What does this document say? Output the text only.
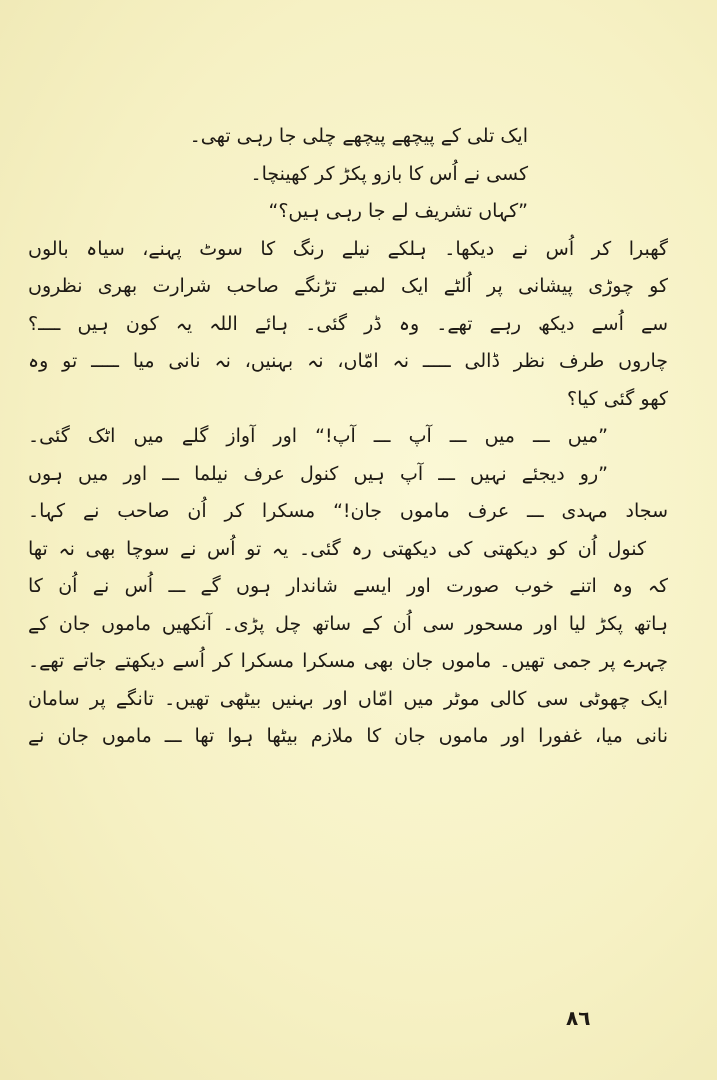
ایک تلی کے پیچھے پیچھے چلی جا رہی تھی۔
کسی نے اُس کا بازو پکڑ کر کھینچا۔
”کہاں تشریف لے جا رہی ہیں؟“
گھبرا کر اُس نے دیکھا۔ ہلکے نیلے رنگ کا سوٹ پہنے، سیاہ بالوں
کو چوڑی پیشانی پر اُلٹے ایک لمبے تڑنگے صاحب شرارت بھری نظروں
سے اُسے دیکھ رہے تھے۔ وہ ڈر گئی۔ ہائے اللہ یہ کون ہیں ــــ؟
چاروں طرف نظر ڈالی ـــــ نہ امّاں، نہ بہنیں، نہ نانی میا ـــــ تو وہ
کھو گئی کیا؟
”میں ـــ میں ـــ آپ ـــ آپ!“ اور آواز گلے میں اٹک گئی۔
”رو دیجئے نہیں ـــ آپ ہیں کنول عرف نیلما ـــ اور میں ہوں
سجاد مہدی ـــ عرف ماموں جان!“ مسکرا کر اُن صاحب نے کہا۔
کنول اُن کو دیکھتی کی دیکھتی رہ گئی۔ یہ تو اُس نے سوچا بھی نہ تھا
کہ وہ اتنے خوب صورت اور ایسے شاندار ہوں گے ـــ اُس نے اُن کا
ہاتھ پکڑ لیا اور مسحور سی اُن کے ساتھ چل پڑی۔ آنکھیں ماموں جان کے
چہرے پر جمی تھیں۔ ماموں جان بھی مسکرا مسکرا کر اُسے دیکھتے جاتے تھے۔
ایک چھوٹی سی کالی موٹر میں امّاں اور بہنیں بیٹھی تھیں۔ تانگے پر سامان
نانی میا، غفورا اور ماموں جان کا ملازم بیٹھا ہوا تھا ـــ ماموں جان نے
٨٦
